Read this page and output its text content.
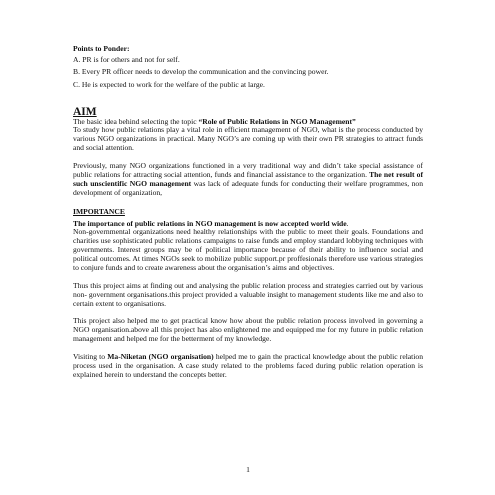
Points to Ponder:

A. PR is for others and not for self.

B. Every PR officer needs to develop the communication and the convincing power.

C. He is expected to work for the welfare of the public at large.

AIM

The basic idea behind selecting the topic “Role of Public Relations in NGO Management”

To study how public relations play a vital role in efficient management of NGO, what is the process conducted by various NGO organizations in practical. Many NGO’s are coming up with their own PR strategies to attract funds and social attention.

Previously, many NGO organizations functioned in a very traditional way and didn’t take special assistance of public relations for attracting social attention, funds and financial assistance to the organization. The net result of such unscientific NGO management was lack of adequate funds for conducting their welfare programmes, non development of organization,

IMPORTANCE

The importance of public relations in NGO management is now accepted world wide.

Non-governmental organizations need healthy relationships with the public to meet their goals. Foundations and charities use sophisticated public relations campaigns to raise funds and employ standard lobbying techniques with governments. Interest groups may be of political importance because of their ability to influence social and political outcomes. At times NGOs seek to mobilize public support.pr proffesionals therefore use various strategies to conjure funds and to create awareness about the organisation’s aims and objectives.

Thus this project aims at finding out and analysing the public relation process and strategies carried out by various non- government organisations.this project provided a valuable insight to management students like me and also to certain extent to organisations.

This project also helped me to get practical know how about the public relation process involved in governing a NGO organisation.above all this project has also enlightened me and equipped me for my future in public relation management and helped me for the betterment of my knowledge.

Visiting to Ma-Niketan (NGO organisation) helped me to gain the practical knowledge about the public relation process used in the organisation. A case study related to the problems faced during public relation operation is explained herein to understand the concepts better.

1
